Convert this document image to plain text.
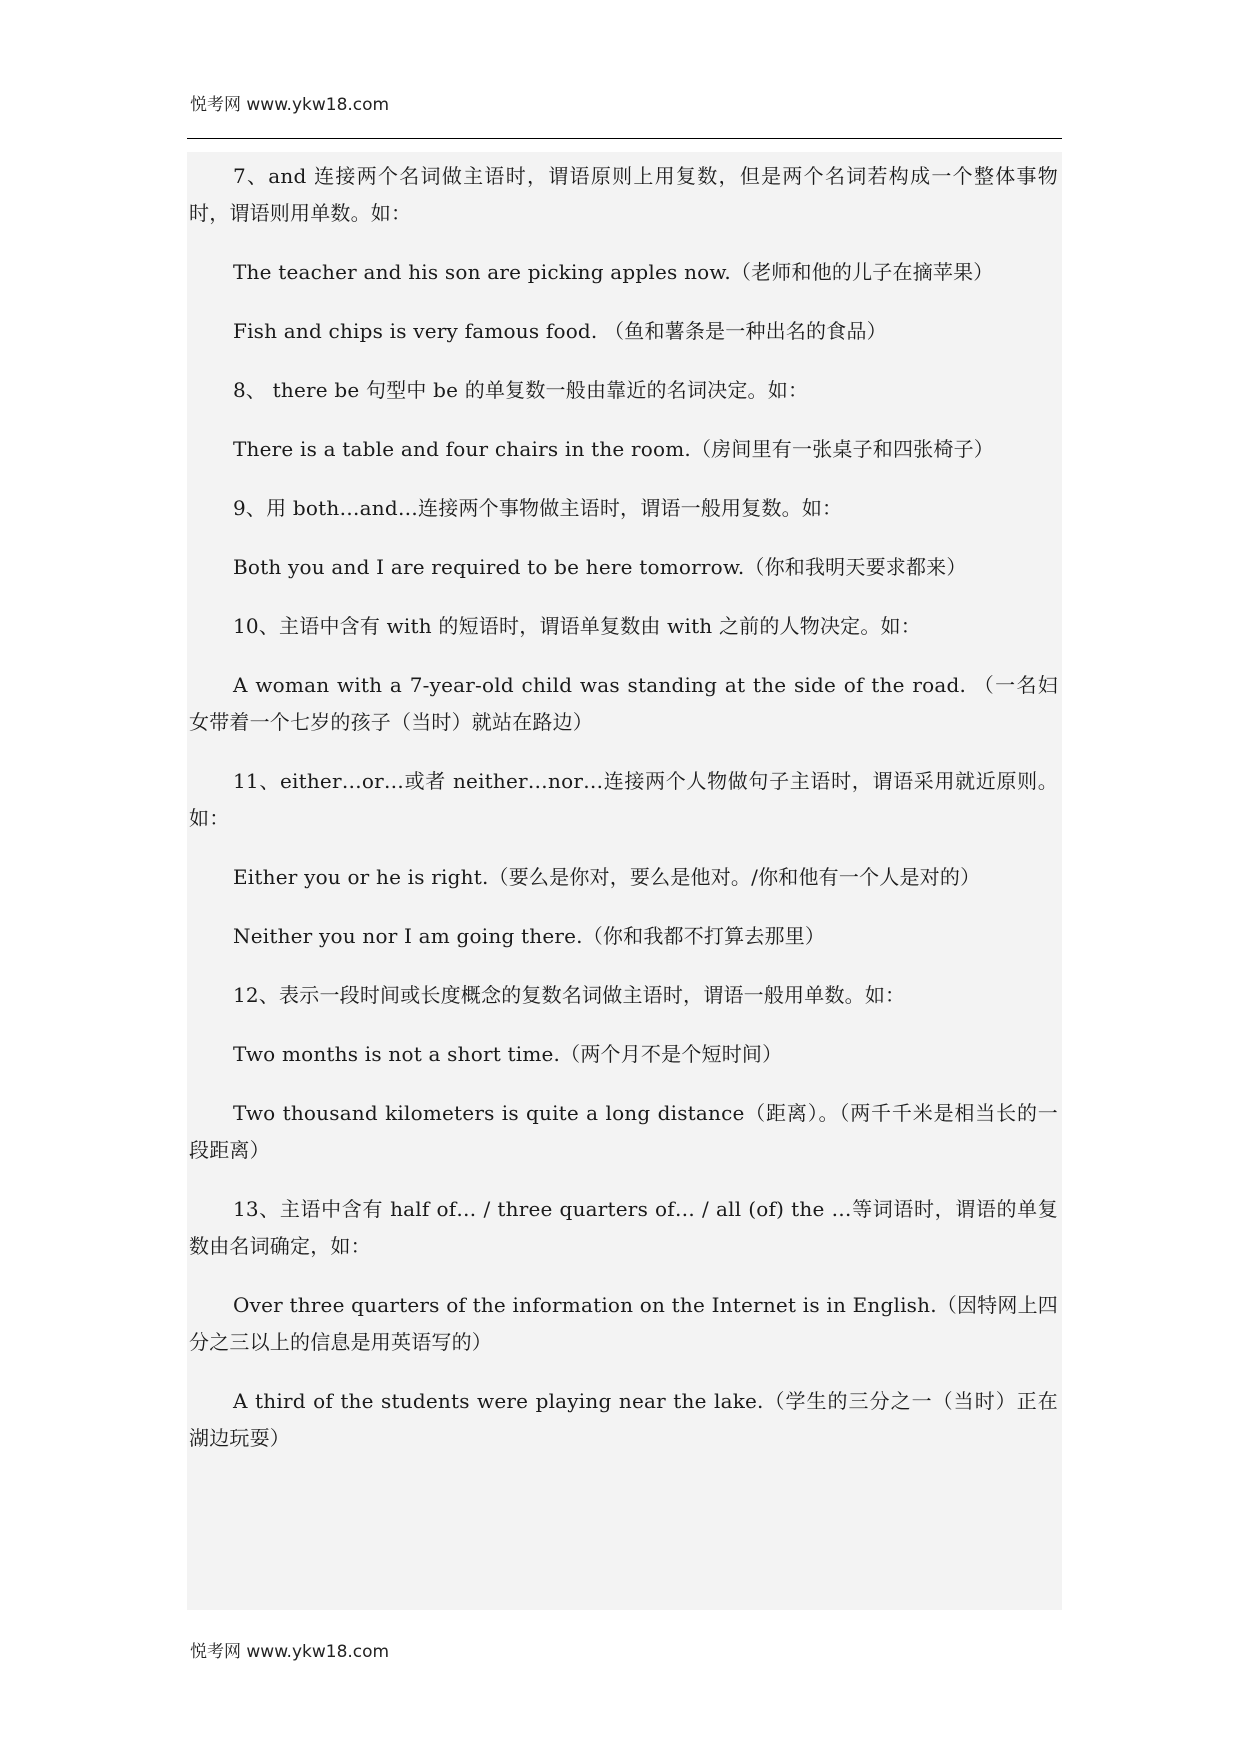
悦考网 www.ykw18.com

7、and 连接两个名词做主语时，谓语原则上用复数，但是两个名词若构成一个整体事物时，谓语则用单数。如：

The teacher and his son are picking apples now.（老师和他的儿子在摘苹果）

Fish and chips is very famous food. （鱼和薯条是一种出名的食品）

8、 there be 句型中 be 的单复数一般由靠近的名词决定。如：

There is a table and four chairs in the room.（房间里有一张桌子和四张椅子）

9、用 both…and…连接两个事物做主语时，谓语一般用复数。如：

Both you and I are required to be here tomorrow.（你和我明天要求都来）

10、主语中含有 with 的短语时，谓语单复数由 with 之前的人物决定。如：

A woman with a 7-year-old child was standing at the side of the road. （一名妇女带着一个七岁的孩子（当时）就站在路边）

11、either…or…或者 neither…nor…连接两个人物做句子主语时，谓语采用就近原则。如：

Either you or he is right.（要么是你对，要么是他对。/你和他有一个人是对的）

Neither you nor I am going there.（你和我都不打算去那里）

12、表示一段时间或长度概念的复数名词做主语时，谓语一般用单数。如：

Two months is not a short time.（两个月不是个短时间）

Two thousand kilometers is quite a long distance（距离）。（两千千米是相当长的一段距离）

13、主语中含有 half of… / three quarters of… / all (of) the …等词语时，谓语的单复数由名词确定，如：

Over three quarters of the information on the Internet is in English.（因特网上四分之三以上的信息是用英语写的）

A third of the students were playing near the lake.（学生的三分之一（当时）正在湖边玩耍）

悦考网 www.ykw18.com
